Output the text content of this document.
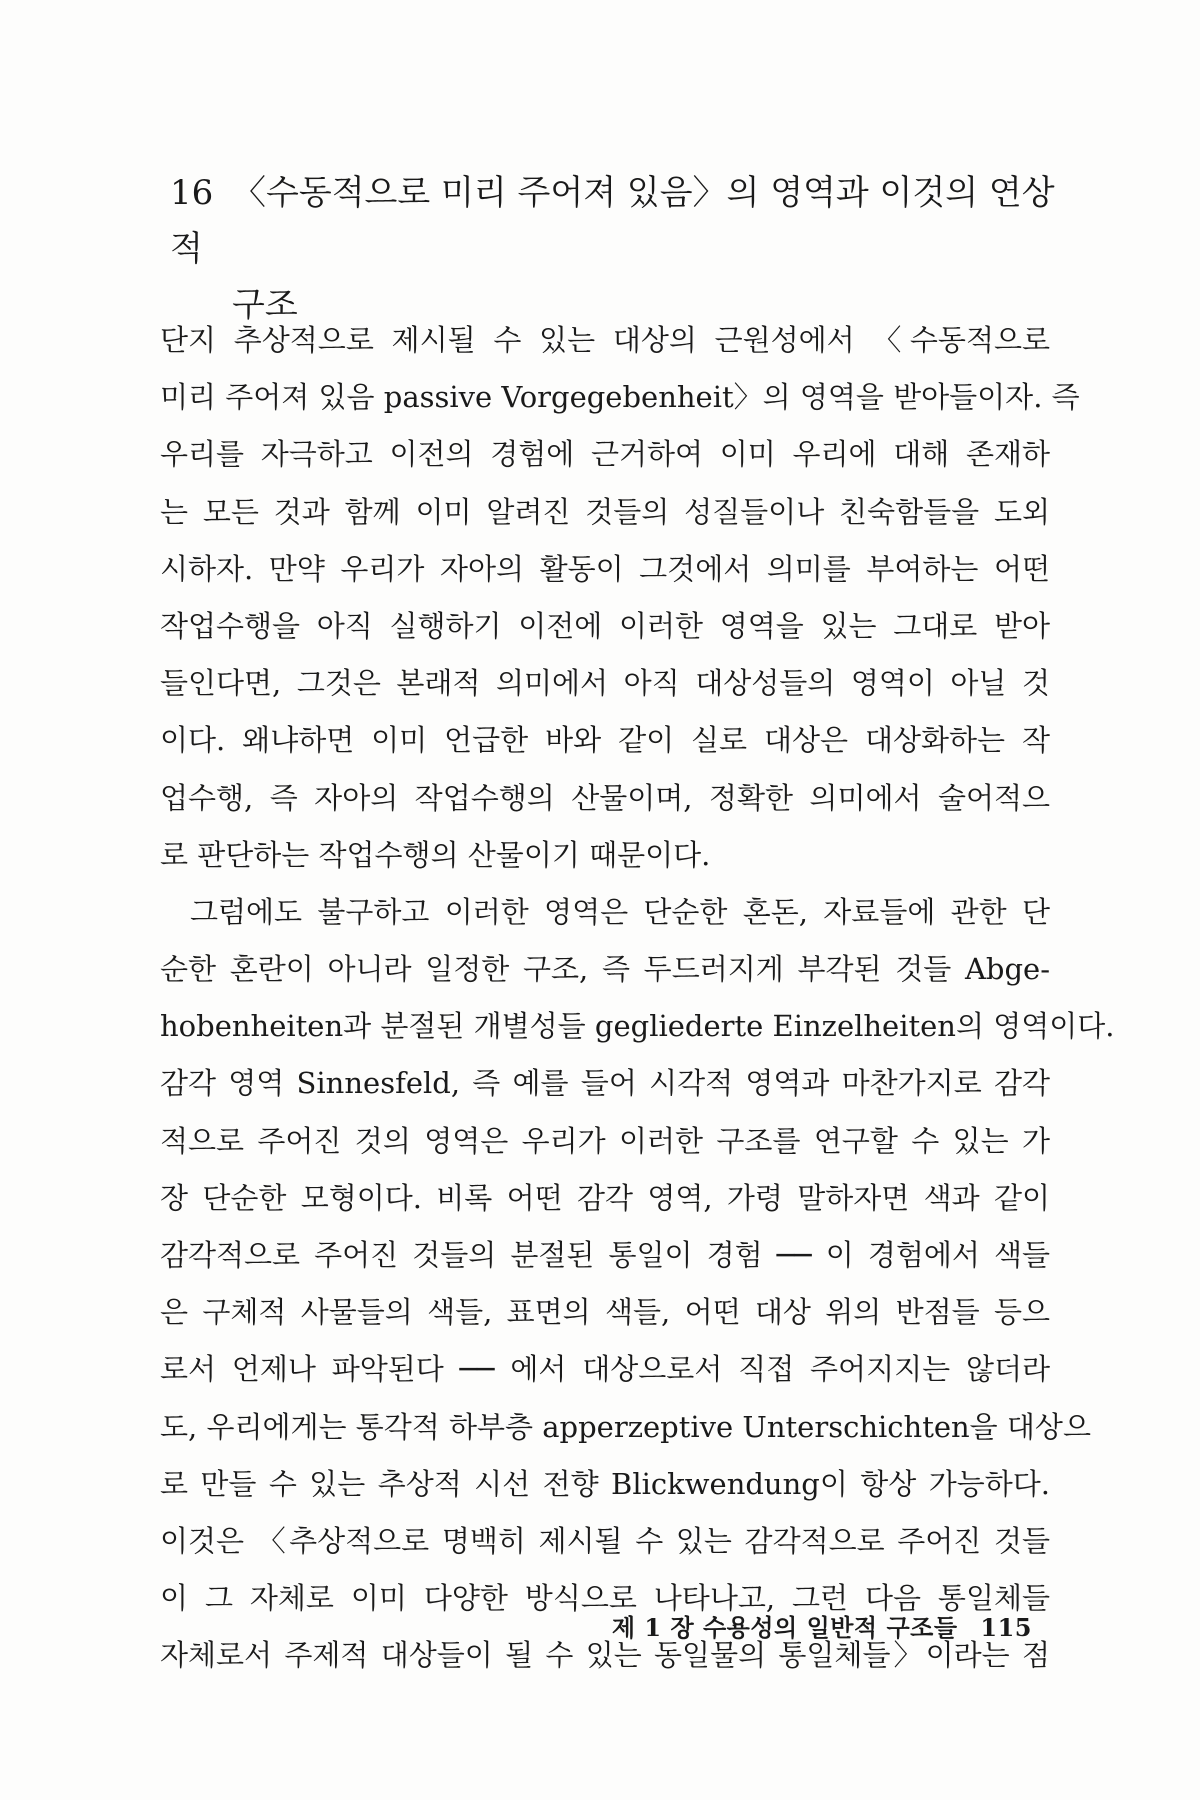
16 〈수동적으로 미리 주어져 있음〉의 영역과 이것의 연상적
구조
단지 추상적으로 제시될 수 있는 대상의 근원성에서 〈수동적으로
미리 주어져 있음 passive Vorgegebenheit〉의 영역을 받아들이자. 즉
우리를 자극하고 이전의 경험에 근거하여 이미 우리에 대해 존재하
는 모든 것과 함께 이미 알려진 것들의 성질들이나 친숙함들을 도외
시하자. 만약 우리가 자아의 활동이 그것에서 의미를 부여하는 어떤
작업수행을 아직 실행하기 이전에 이러한 영역을 있는 그대로 받아
들인다면, 그것은 본래적 의미에서 아직 대상성들의 영역이 아닐 것
이다. 왜냐하면 이미 언급한 바와 같이 실로 대상은 대상화하는 작
업수행, 즉 자아의 작업수행의 산물이며, 정확한 의미에서 술어적으
로 판단하는 작업수행의 산물이기 때문이다.
그럼에도 불구하고 이러한 영역은 단순한 혼돈, 자료들에 관한 단
순한 혼란이 아니라 일정한 구조, 즉 두드러지게 부각된 것들 Abge-
hobenheiten과 분절된 개별성들 gegliederte Einzelheiten의 영역이다.
감각 영역 Sinnesfeld, 즉 예를 들어 시각적 영역과 마찬가지로 감각
적으로 주어진 것의 영역은 우리가 이러한 구조를 연구할 수 있는 가
장 단순한 모형이다. 비록 어떤 감각 영역, 가령 말하자면 색과 같이
감각적으로 주어진 것들의 분절된 통일이 경험 ── 이 경험에서 색들
은 구체적 사물들의 색들, 표면의 색들, 어떤 대상 위의 반점들 등으
로서 언제나 파악된다 ── 에서 대상으로서 직접 주어지지는 않더라
도, 우리에게는 통각적 하부층 apperzeptive Unterschichten을 대상으
로 만들 수 있는 추상적 시선 전향 Blickwendung이 항상 가능하다.
이것은 〈추상적으로 명백히 제시될 수 있는 감각적으로 주어진 것들
이 그 자체로 이미 다양한 방식으로 나타나고, 그런 다음 통일체들
자체로서 주제적 대상들이 될 수 있는 동일물의 통일체들〉이라는 점
제 1 장 수용성의 일반적 구조들 115
